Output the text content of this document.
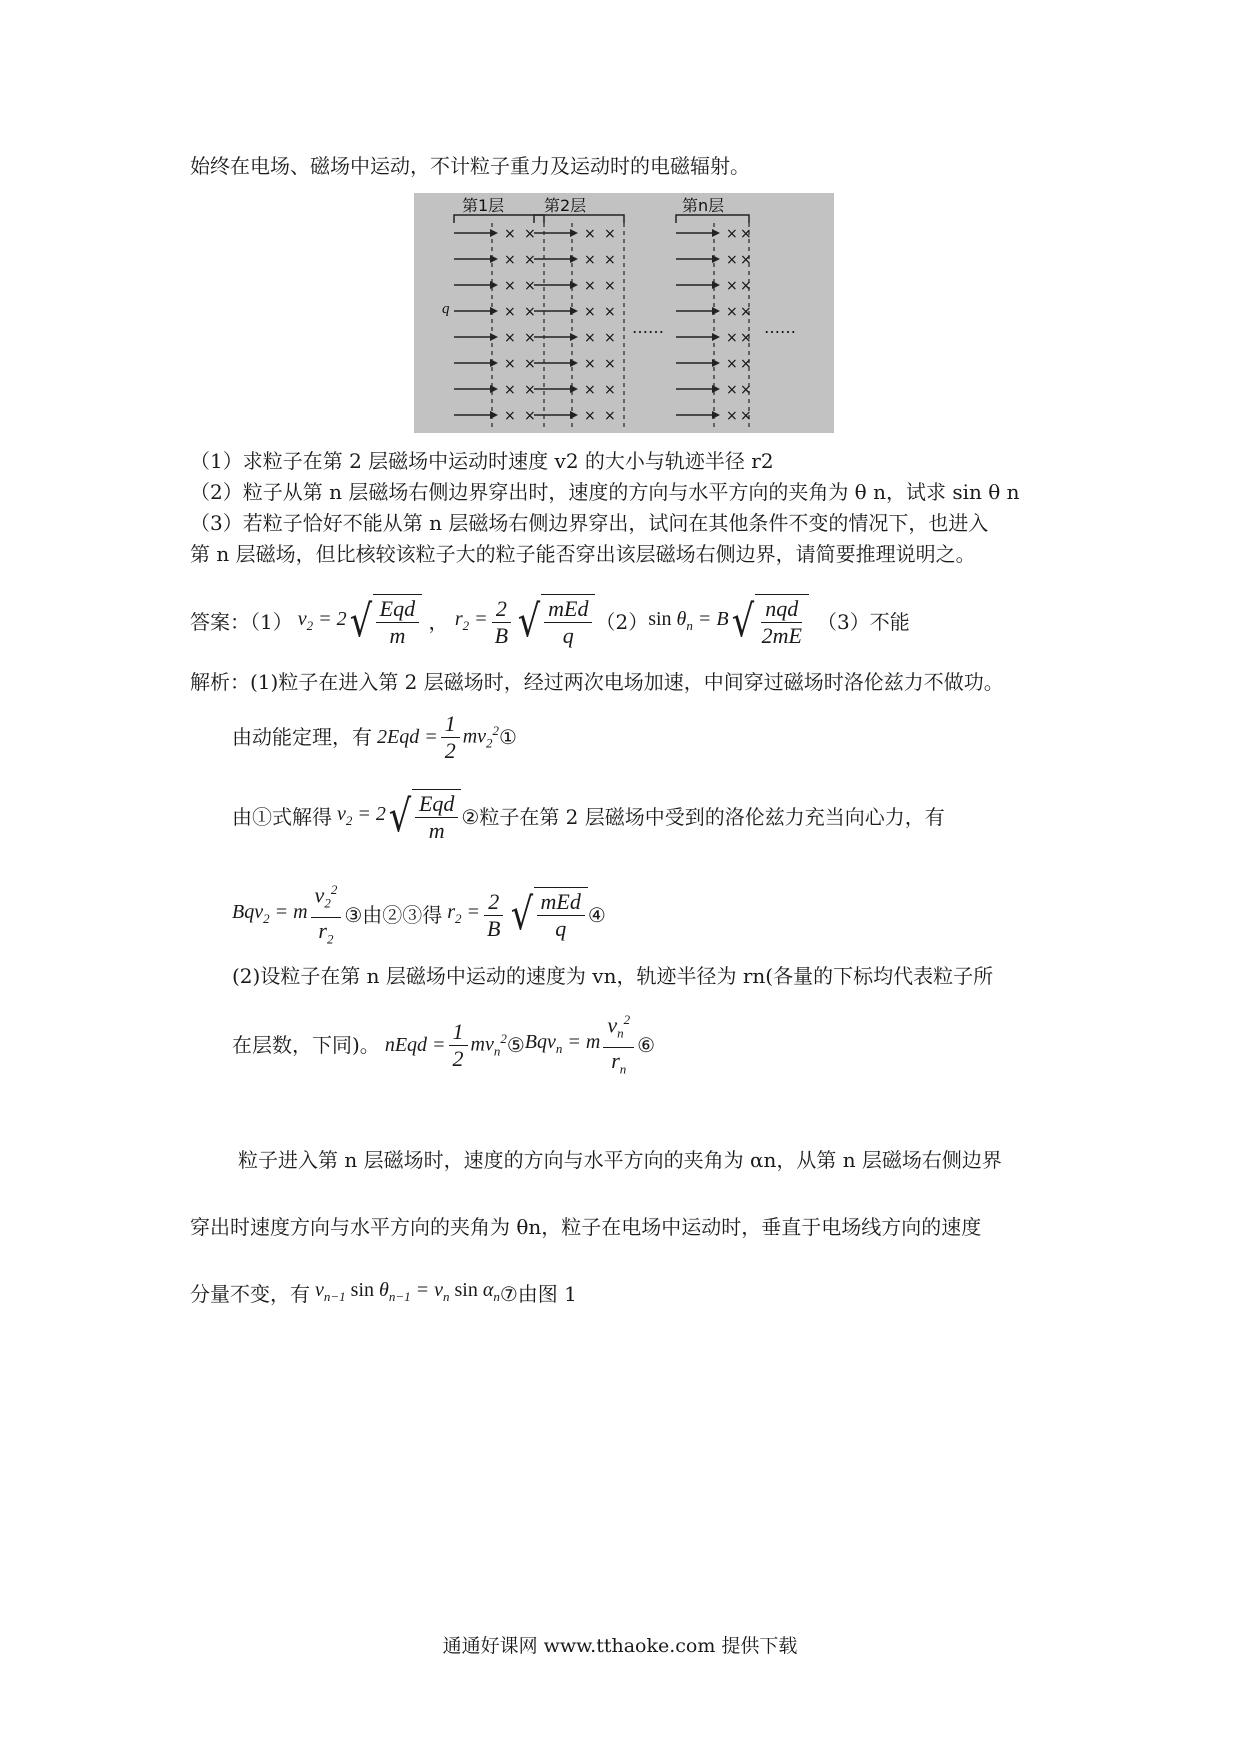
始终在电场、磁场中运动，不计粒子重力及运动时的电磁辐射。
第1层 第2层	第n层
q
……	……
× ×	× ×	× ×
× ×	× ×	× ×
× ×	× ×	× ×
× ×	× ×	× ×
× ×	× ×	× ×
× ×	× ×	× ×
× ×	× ×	× ×
× ×	× ×	× ×
（1）求粒子在第 2 层磁场中运动时速度 v2 的大小与轨迹半径 r2
（2）粒子从第 n 层磁场右侧边界穿出时，速度的方向与水平方向的夹角为 θ n，试求 sin θ n
（3）若粒子恰好不能从第 n 层磁场右侧边界穿出，试问在其他条件不变的情况下，也进入
第 n 层磁场，但比核较该粒子大的粒子能否穿出该层磁场右侧边界，请简要推理说明之。
答案：（1） $v_2 = 2$ √ $\frac{\text{Eqd}}{m}$ ， $r_2 = \frac{2}{B}$ √ $\frac{\text{mEd}}{q} (2)$ $\sin \theta_n = B$ √ $\frac{\text{nqd}}{2mE} (3)$不能
解析：(1)粒子在进入第 2 层磁场时，经过两次电场加速，中间穿过磁场时洛伦兹力不做功。
由动能定理，有 $2Eqd = \frac{1}{2} mv_2^2$ ①
由①式解得 $v_2 = 2$ √ $\frac{\text{Eqd}}{m}$ ② 粒子在第 2 层磁场中受到的洛伦兹力充当向心力，有
Bqv$_2$ = m $\frac{v_2^2}{r_2}$ ③ 由②③得 $r_2 = \frac{2}{B}$ √ $\frac{\text{mEd}}{q}$ ④
(2)设粒子在第 n 层磁场中运动的速度为 vn，轨迹半径为 rn(各量的下标均代表粒子所
在层数，下同)。 nEqd = $\frac{1}{2} mv_n^2$ ⑤ Bqv$_n$ = m $\frac{v_n^2}{r_n}$ ⑥
粒子进入第 n 层磁场时，速度的方向与水平方向的夹角为 αn，从第 n 层磁场右侧边界
穿出时速度方向与水平方向的夹角为 θn，粒子在电场中运动时，垂直于电场线方向的速度
分量不变，有 $v_{n-1}$ $\sin \theta_{n-1} = v_n$ $\sin \alpha_n$ ⑦ 由图 1
通通好课网 www.tthaoke.com 提供下载
